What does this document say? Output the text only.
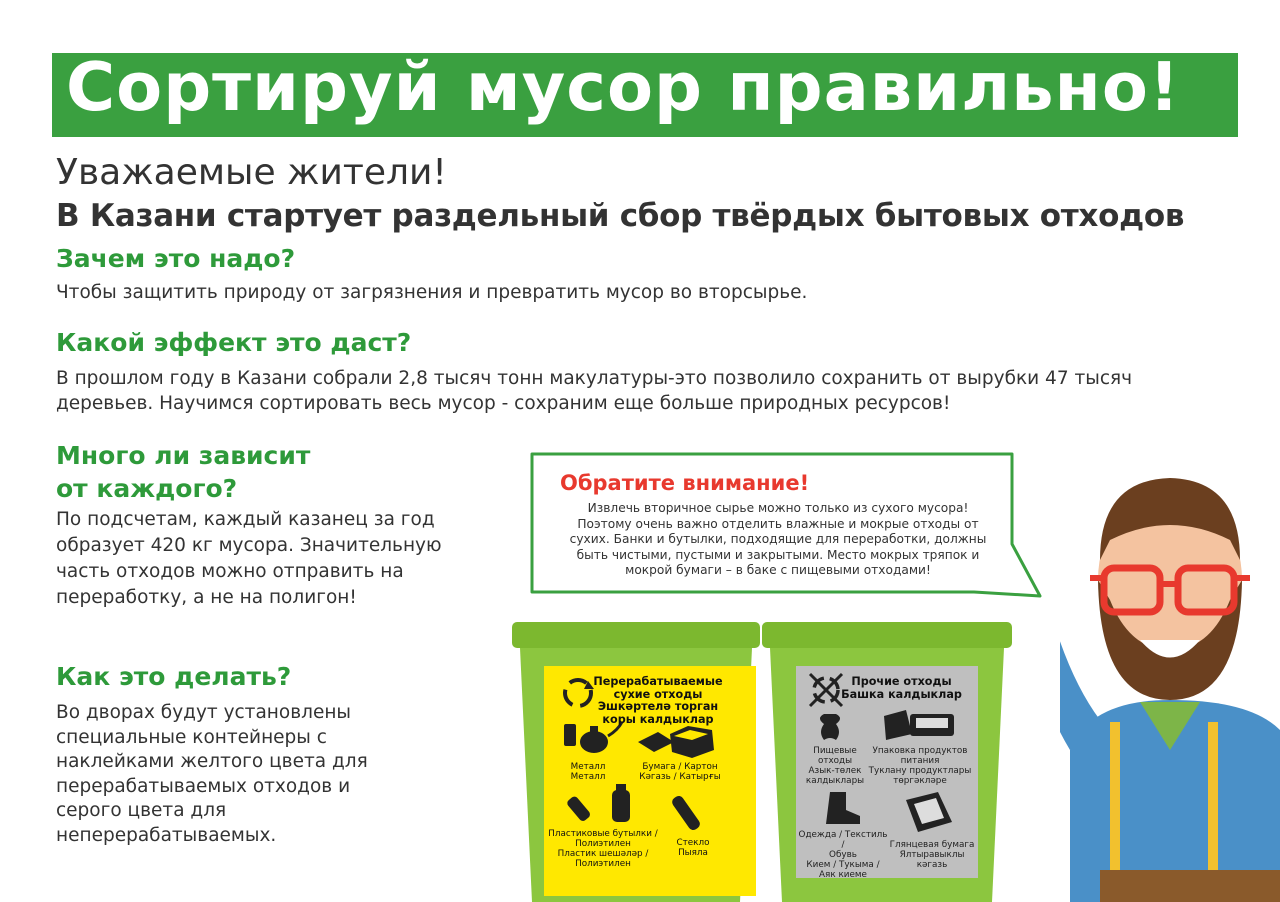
Сортируй мусор правильно!
Уважаемые жители!
В Казани стартует раздельный сбор твёрдых бытовых отходов
Зачем это надо?
Чтобы защитить природу от загрязнения и превратить мусор во вторсырье.
Какой эффект это даст?
В прошлом году в Казани собрали 2,8 тысяч тонн макулатуры-это позволило сохранить от вырубки 47 тысяч деревьев. Научимся сортировать весь мусор - сохраним еще больше природных ресурсов!
Много ли зависит
от каждого?
По подсчетам, каждый казанец за год образует 420 кг мусора. Значительную часть отходов можно отправить на переработку, а не на полигон!
Как это делать?
Во дворах будут установлены специальные контейнеры с наклейками желтого цвета для перерабатываемых отходов и серого цвета для неперерабатываемых.
Обратите внимание!
Извлечь вторичное сырье можно только из сухого мусора! Поэтому очень важно отделить влажные и мокрые отходы от сухих. Банки и бутылки, подходящие для переработки, должны быть чистыми, пустыми и закрытыми. Место мокрых тряпок и мокрой бумаги – в баке с пищевыми отходами!
Перерабатываемые
сухие отходы
Эшкәртелә торган
коры калдыклар
Металл
Металл
Бумага / Картон
Кәгазь / Катырғы
Пластиковые бутылки /
Полиэтилен
Пластик шешәләр /
Полиэтилен
Стекло
Пыяла
Прочие отходы
Башка калдыклар
Пищевые
отходы
Азык-төлек
калдыклары
Упаковка продуктов
питания
Тукланy продуктлары
төргәкләре
Одежда / Текстиль /
Обувь
Кием / Тукыма /
Аяк киеме
Глянцевая бумага
Ялтыравыклы
кәгазь
